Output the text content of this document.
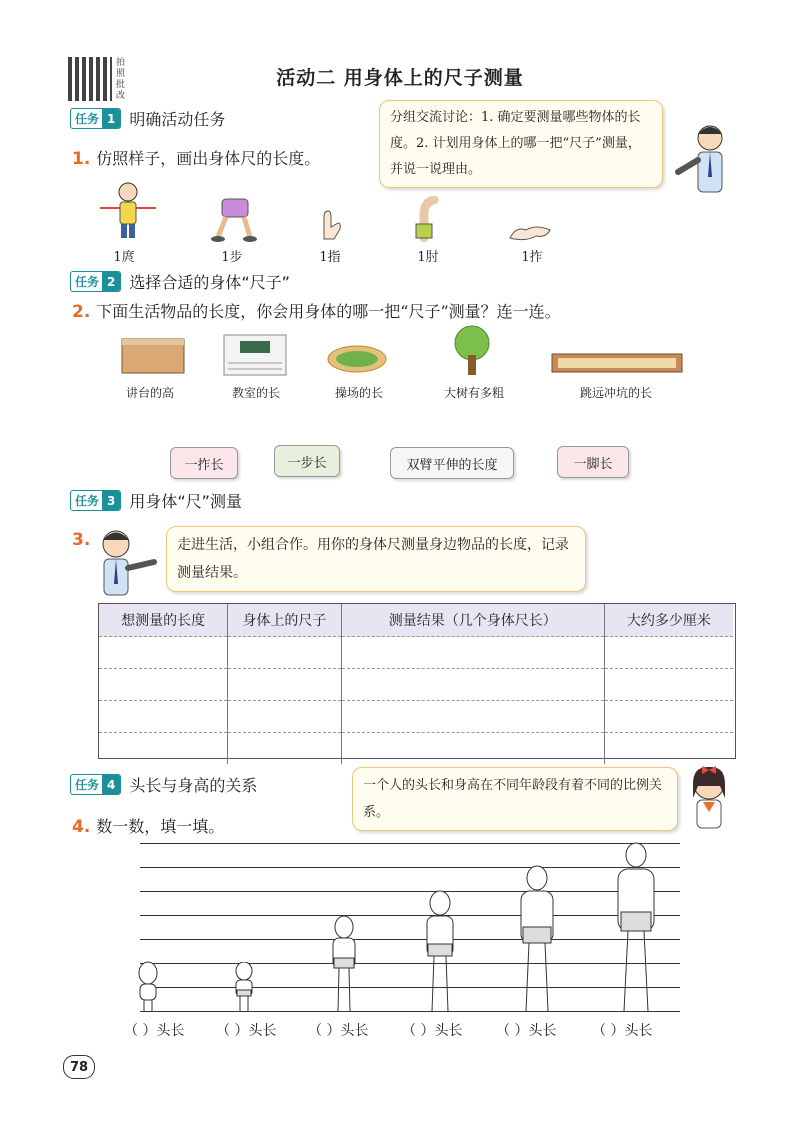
拍照批改
活动二 用身体上的尺子测量
任务 1 明确活动任务	分组交流讨论：1. 确定要测量哪些物体的长度。2. 计划用身体上的哪一把“尺子”测量，并说一说理由。
1. 仿照样子，画出身体尺的长度。
1庹	1步	1指	1肘	1拃
任务 2 选择合适的身体“尺子”
2. 下面生活物品的长度，你会用身体的哪一把“尺子”测量？连一连。
讲台的高	教室的长	操场的长	大树有多粗	跳远冲坑的长
一拃长	一步长	双臂平伸的长度	一脚长
任务 3 用身体“尺”测量
3.	走进生活，小组合作。用你的身体尺测量身边物品的长度，记录测量结果。
想测量的长度	身体上的尺子	测量结果（几个身体尺长）	大约多少厘米

任务 4 头长与身高的关系	一个人的头长和身高在不同年龄段有着不同的比例关系。
4. 数一数，填一填。
（ ）头长 （ ）头长 （ ）头长 （ ）头长 （ ）头长	（ ）头长
78
